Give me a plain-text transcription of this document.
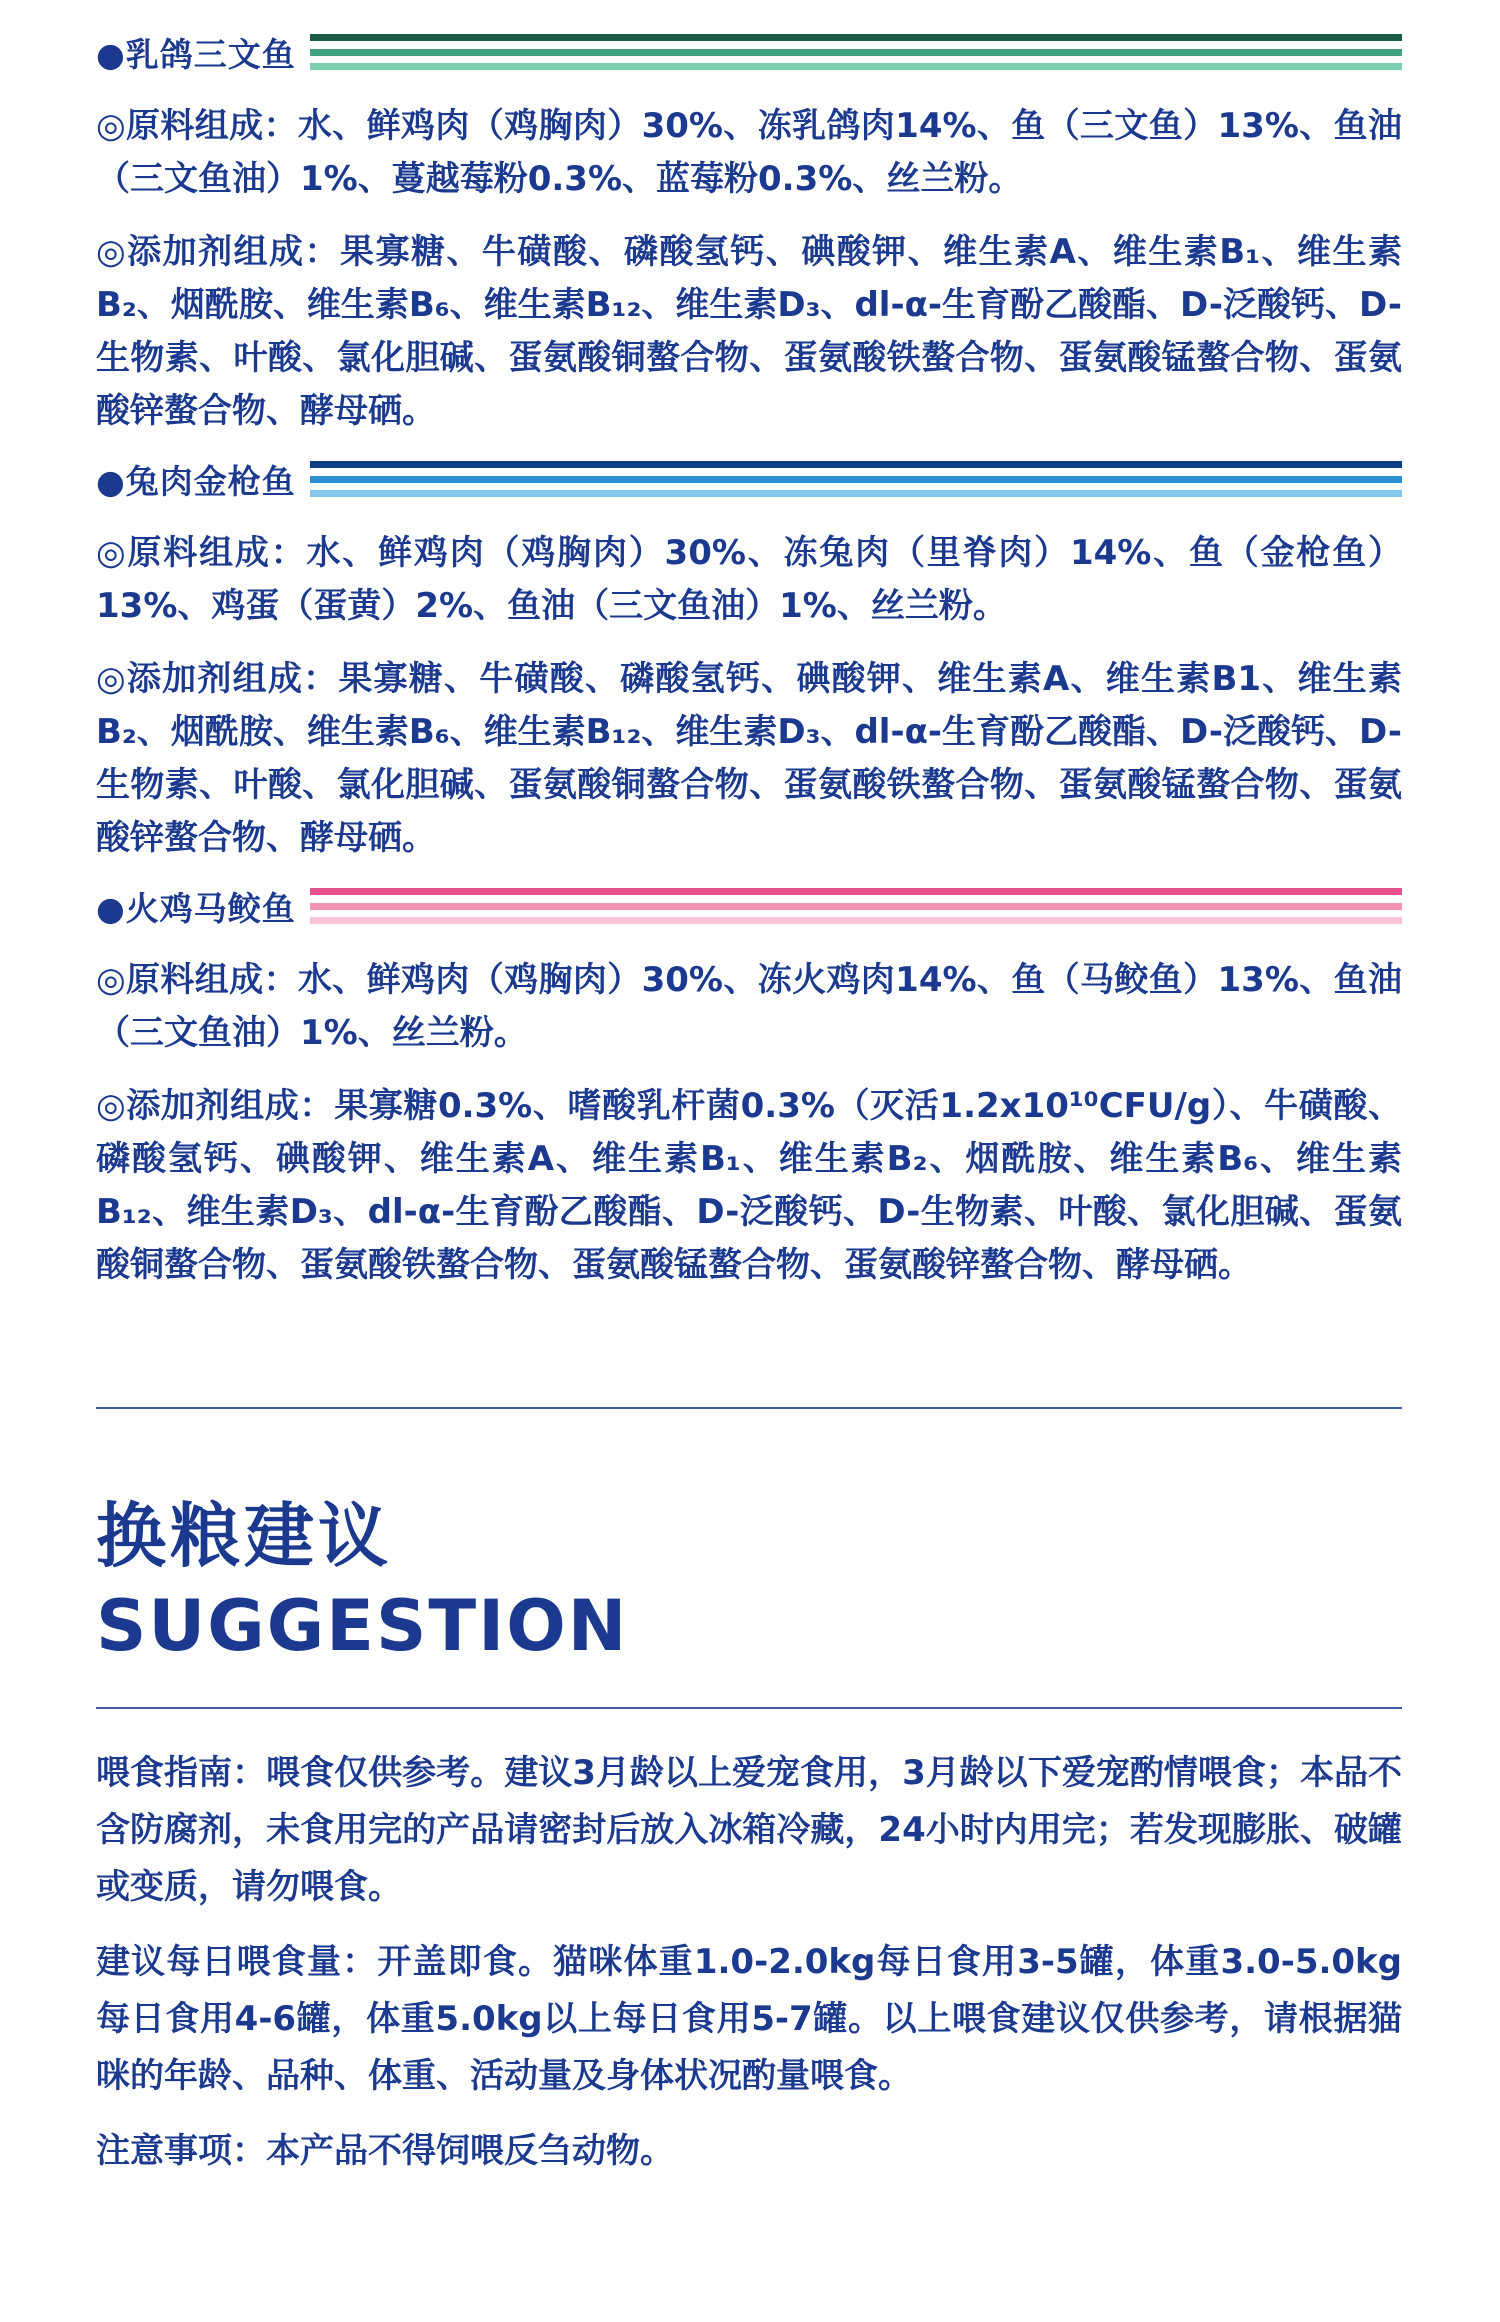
●乳鸽三文鱼

◎原料组成：水、鲜鸡肉（鸡胸肉）30%、冻乳鸽肉14%、鱼（三文鱼）13%、鱼油（三文鱼油）1%、蔓越莓粉0.3%、蓝莓粉0.3%、丝兰粉。

◎添加剂组成：果寡糖、牛磺酸、磷酸氢钙、碘酸钾、维生素A、维生素B₁、维生素B₂、烟酰胺、维生素B₆、维生素B₁₂、维生素D₃、dl-α-生育酚乙酸酯、D-泛酸钙、D-生物素、叶酸、氯化胆碱、蛋氨酸铜螯合物、蛋氨酸铁螯合物、蛋氨酸锰螯合物、蛋氨酸锌螯合物、酵母硒。

●兔肉金枪鱼

◎原料组成：水、鲜鸡肉（鸡胸肉）30%、冻兔肉（里脊肉）14%、鱼（金枪鱼）13%、鸡蛋（蛋黄）2%、鱼油（三文鱼油）1%、丝兰粉。

◎添加剂组成：果寡糖、牛磺酸、磷酸氢钙、碘酸钾、维生素A、维生素B1、维生素B₂、烟酰胺、维生素B₆、维生素B₁₂、维生素D₃、dl-α-生育酚乙酸酯、D-泛酸钙、D-生物素、叶酸、氯化胆碱、蛋氨酸铜螯合物、蛋氨酸铁螯合物、蛋氨酸锰螯合物、蛋氨酸锌螯合物、酵母硒。

●火鸡马鲛鱼

◎原料组成：水、鲜鸡肉（鸡胸肉）30%、冻火鸡肉14%、鱼（马鲛鱼）13%、鱼油（三文鱼油）1%、丝兰粉。

◎添加剂组成：果寡糖0.3%、嗜酸乳杆菌0.3%（灭活1.2x10¹⁰CFU/g）、牛磺酸、磷酸氢钙、碘酸钾、维生素A、维生素B₁、维生素B₂、烟酰胺、维生素B₆、维生素B₁₂、维生素D₃、dl-α-生育酚乙酸酯、D-泛酸钙、D-生物素、叶酸、氯化胆碱、蛋氨酸铜螯合物、蛋氨酸铁螯合物、蛋氨酸锰螯合物、蛋氨酸锌螯合物、酵母硒。

换粮建议
SUGGESTION

喂食指南：喂食仅供参考。建议3月龄以上爱宠食用，3月龄以下爱宠酌情喂食；本品不含防腐剂，未食用完的产品请密封后放入冰箱冷藏，24小时内用完；若发现膨胀、破罐或变质，请勿喂食。

建议每日喂食量：开盖即食。猫咪体重1.0-2.0kg每日食用3-5罐，体重3.0-5.0kg每日食用4-6罐，体重5.0kg以上每日食用5-7罐。以上喂食建议仅供参考，请根据猫咪的年龄、品种、体重、活动量及身体状况酌量喂食。

注意事项：本产品不得饲喂反刍动物。
